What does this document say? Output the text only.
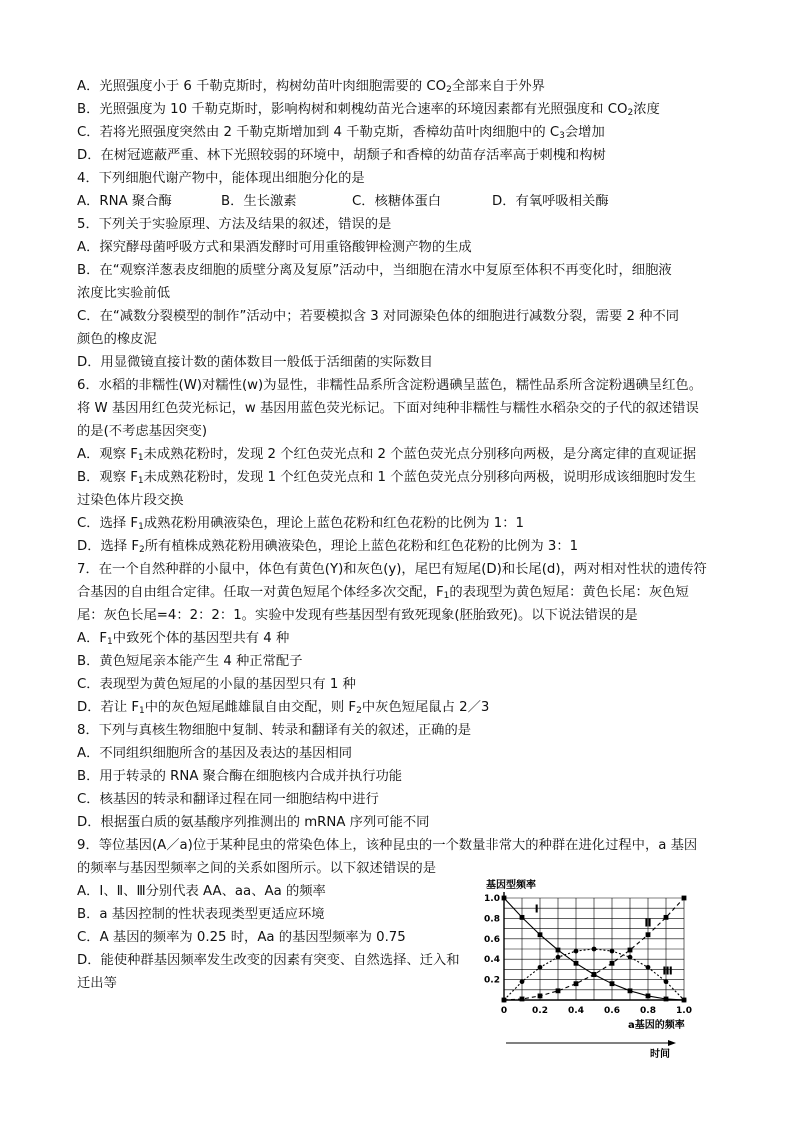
A．光照强度小于 6 千勒克斯时，构树幼苗叶肉细胞需要的 $CO_2$全部来自于外界
B．光照强度为 10 千勒克斯时，影响构树和刺槐幼苗光合速率的环境因素都有光照强度和 $CO_2$浓度
C．若将光照强度突然由 2 千勒克斯增加到 4 千勒克斯，香樟幼苗叶肉细胞中的 $C_3$会增加
D．在树冠遮蔽严重、林下光照较弱的环境中，胡颓子和香樟的幼苗存活率高于刺槐和构树
4．下列细胞代谢产物中，能体现出细胞分化的是
A．RNA 聚合酶	B．生长激素	C．核糖体蛋白	D．有氧呼吸相关酶
5．下列关于实验原理、方法及结果的叙述，错误的是
A．探究酵母菌呼吸方式和果酒发酵时可用重铬酸钾检测产物的生成
B．在“观察洋葱表皮细胞的质壁分离及复原”活动中，当细胞在清水中复原至体积不再变化时，细胞液
浓度比实验前低
C．在“减数分裂模型的制作”活动中；若要模拟含 3 对同源染色体的细胞进行减数分裂，需要 2 种不同
颜色的橡皮泥
D．用显微镜直接计数的菌体数目一般低于活细菌的实际数目
6．水稻的非糯性(W)对糯性(w)为显性，非糯性品系所含淀粉遇碘呈蓝色，糯性品系所含淀粉遇碘呈红色。
将 W 基因用红色荧光标记，w 基因用蓝色荧光标记。下面对纯种非糯性与糯性水稻杂交的子代的叙述错误
的是(不考虑基因突变)
A．观察 $F_1$未成熟花粉时，发现 2 个红色荧光点和 2 个蓝色荧光点分别移向两极，是分离定律的直观证据
B．观察 $F_1$未成熟花粉时，发现 1 个红色荧光点和 1 个蓝色荧光点分别移向两极，说明形成该细胞时发生
过染色体片段交换
C．选择 $F_1$成熟花粉用碘液染色，理论上蓝色花粉和红色花粉的比例为 1：1
D．选择 $F_2$所有植株成熟花粉用碘液染色，理论上蓝色花粉和红色花粉的比例为 3：1
7．在一个自然种群的小鼠中，体色有黄色(Y)和灰色(y)，尾巴有短尾(D)和长尾(d)，两对相对性状的遗传符
合基因的自由组合定律。任取一对黄色短尾个体经多次交配，$F_1$的表现型为黄色短尾：黄色长尾：灰色短
尾：灰色长尾=4：2：2：1。实验中发现有些基因型有致死现象(胚胎致死)。以下说法错误的是
A．$F_1$中致死个体的基因型共有 4 种
B．黄色短尾亲本能产生 4 种正常配子
C．表现型为黄色短尾的小鼠的基因型只有 1 种
D．若让 $F_1$中的灰色短尾雌雄鼠自由交配，则 $F_2$中灰色短尾鼠占 2／3
8．下列与真核生物细胞中复制、转录和翻译有关的叙述，正确的是
A．不同组织细胞所含的基因及表达的基因相同
B．用于转录的 RNA 聚合酶在细胞核内合成并执行功能
C．核基因的转录和翻译过程在同一细胞结构中进行
D．根据蛋白质的氨基酸序列推测出的 mRNA 序列可能不同
9．等位基因(A／a)位于某种昆虫的常染色体上，该种昆虫的一个数量非常大的种群在进化过程中，a 基因
的频率与基因型频率之间的关系如图所示。以下叙述错误的是
A．I、Ⅱ、Ⅲ分别代表 AA、aa、Aa 的频率
B．a 基因控制的性状表现类型更适应环境
C．A 基因的频率为 0.25 时，Aa 的基因型频率为 0.75
D．能使种群基因频率发生改变的因素有突变、自然选择、迁入和
迁出等
基因型频率
0	0.2 0.4 0.6 0.8 1.0
0.2
0.4
0.6
0.8
1.0
Ⅰ
Ⅱ
Ⅲ
a基因的频率
时间
